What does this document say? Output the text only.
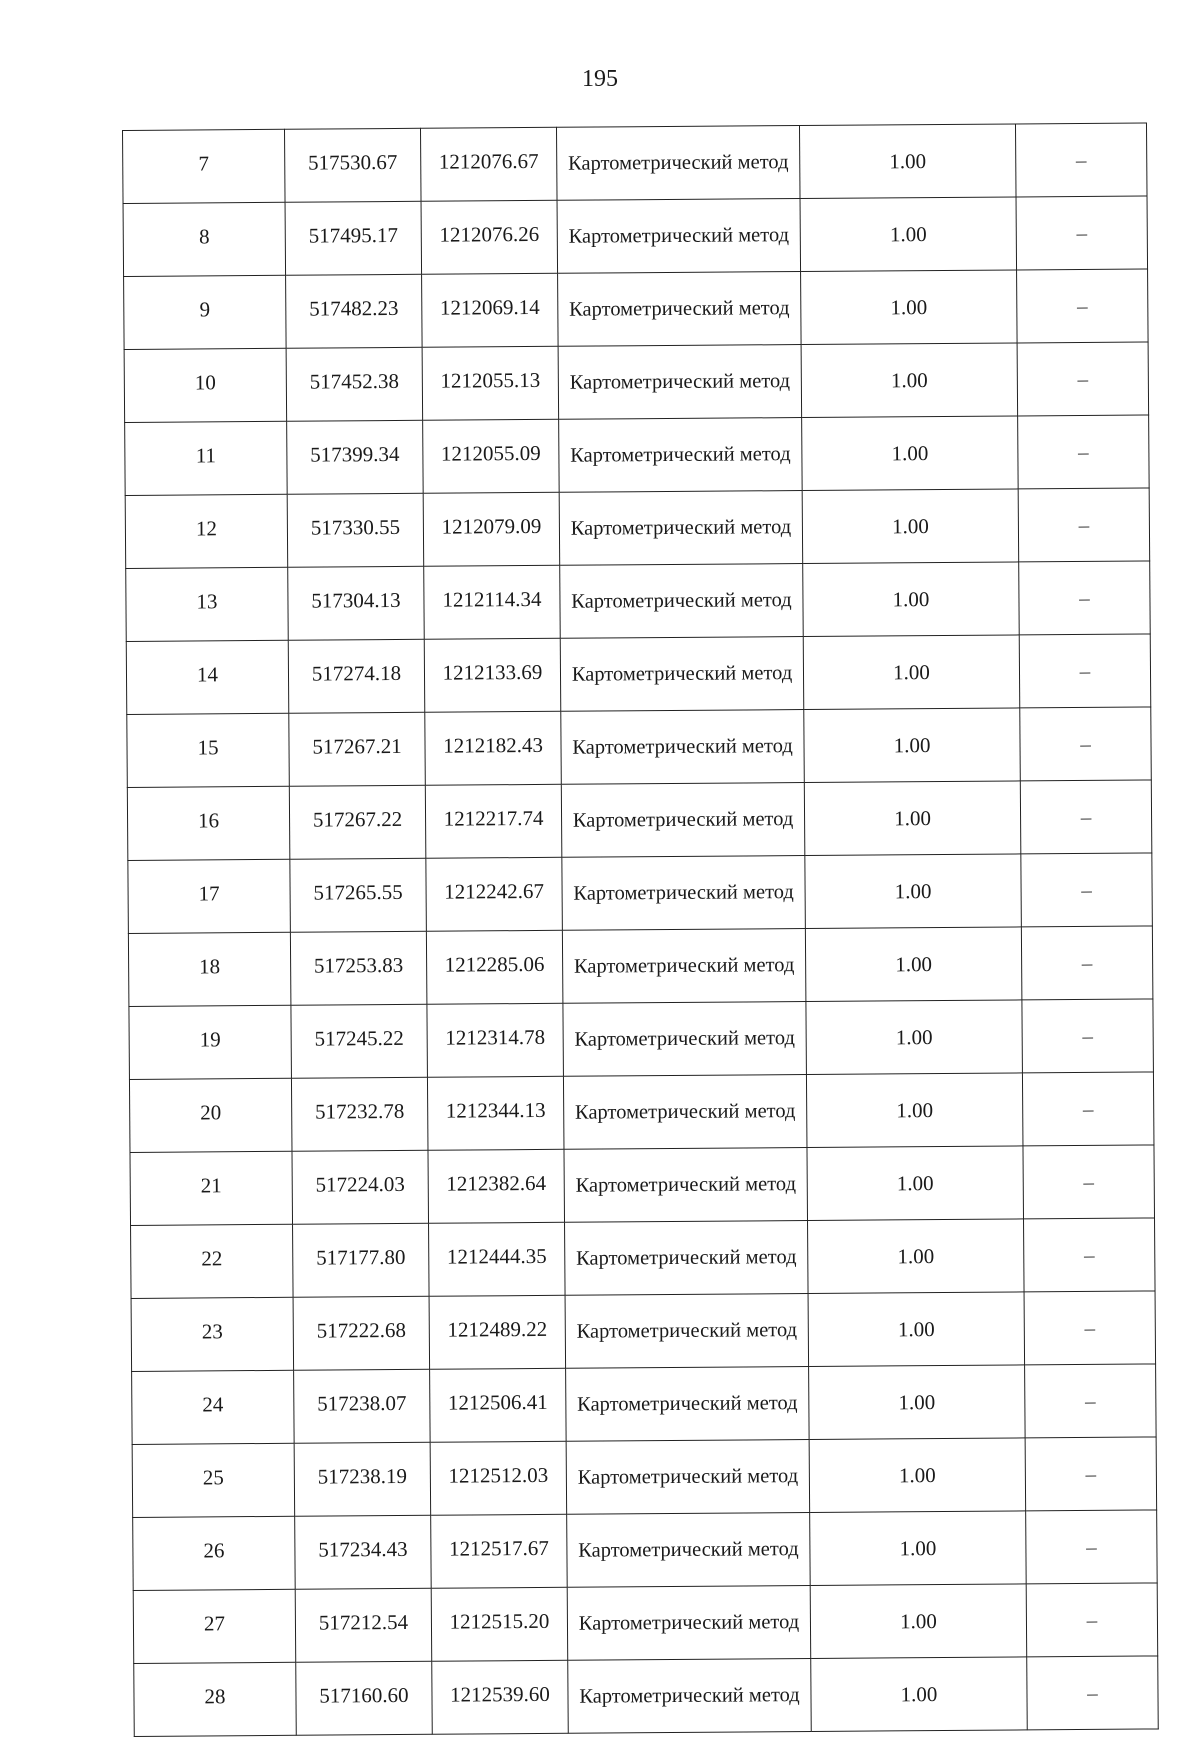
195
7	517530.67	1212076.67	Картометрический метод	1.00	–
8	517495.17	1212076.26	Картометрический метод	1.00	–
9	517482.23	1212069.14	Картометрический метод	1.00	–
10	517452.38	1212055.13	Картометрический метод	1.00	–
11	517399.34	1212055.09	Картометрический метод	1.00	–
12	517330.55	1212079.09	Картометрический метод	1.00	–
13	517304.13	1212114.34	Картометрический метод	1.00	–
14	517274.18	1212133.69	Картометрический метод	1.00	–
15	517267.21	1212182.43	Картометрический метод	1.00	–
16	517267.22	1212217.74	Картометрический метод	1.00	–
17	517265.55	1212242.67	Картометрический метод	1.00	–
18	517253.83	1212285.06	Картометрический метод	1.00	–
19	517245.22	1212314.78	Картометрический метод	1.00	–
20	517232.78	1212344.13	Картометрический метод	1.00	–
21	517224.03	1212382.64	Картометрический метод	1.00	–
22	517177.80	1212444.35	Картометрический метод	1.00	–
23	517222.68	1212489.22	Картометрический метод	1.00	–
24	517238.07	1212506.41	Картометрический метод	1.00	–
25	517238.19	1212512.03	Картометрический метод	1.00	–
26	517234.43	1212517.67	Картометрический метод	1.00	–
27	517212.54	1212515.20	Картометрический метод	1.00	–
28	517160.60	1212539.60	Картометрический метод	1.00	–
